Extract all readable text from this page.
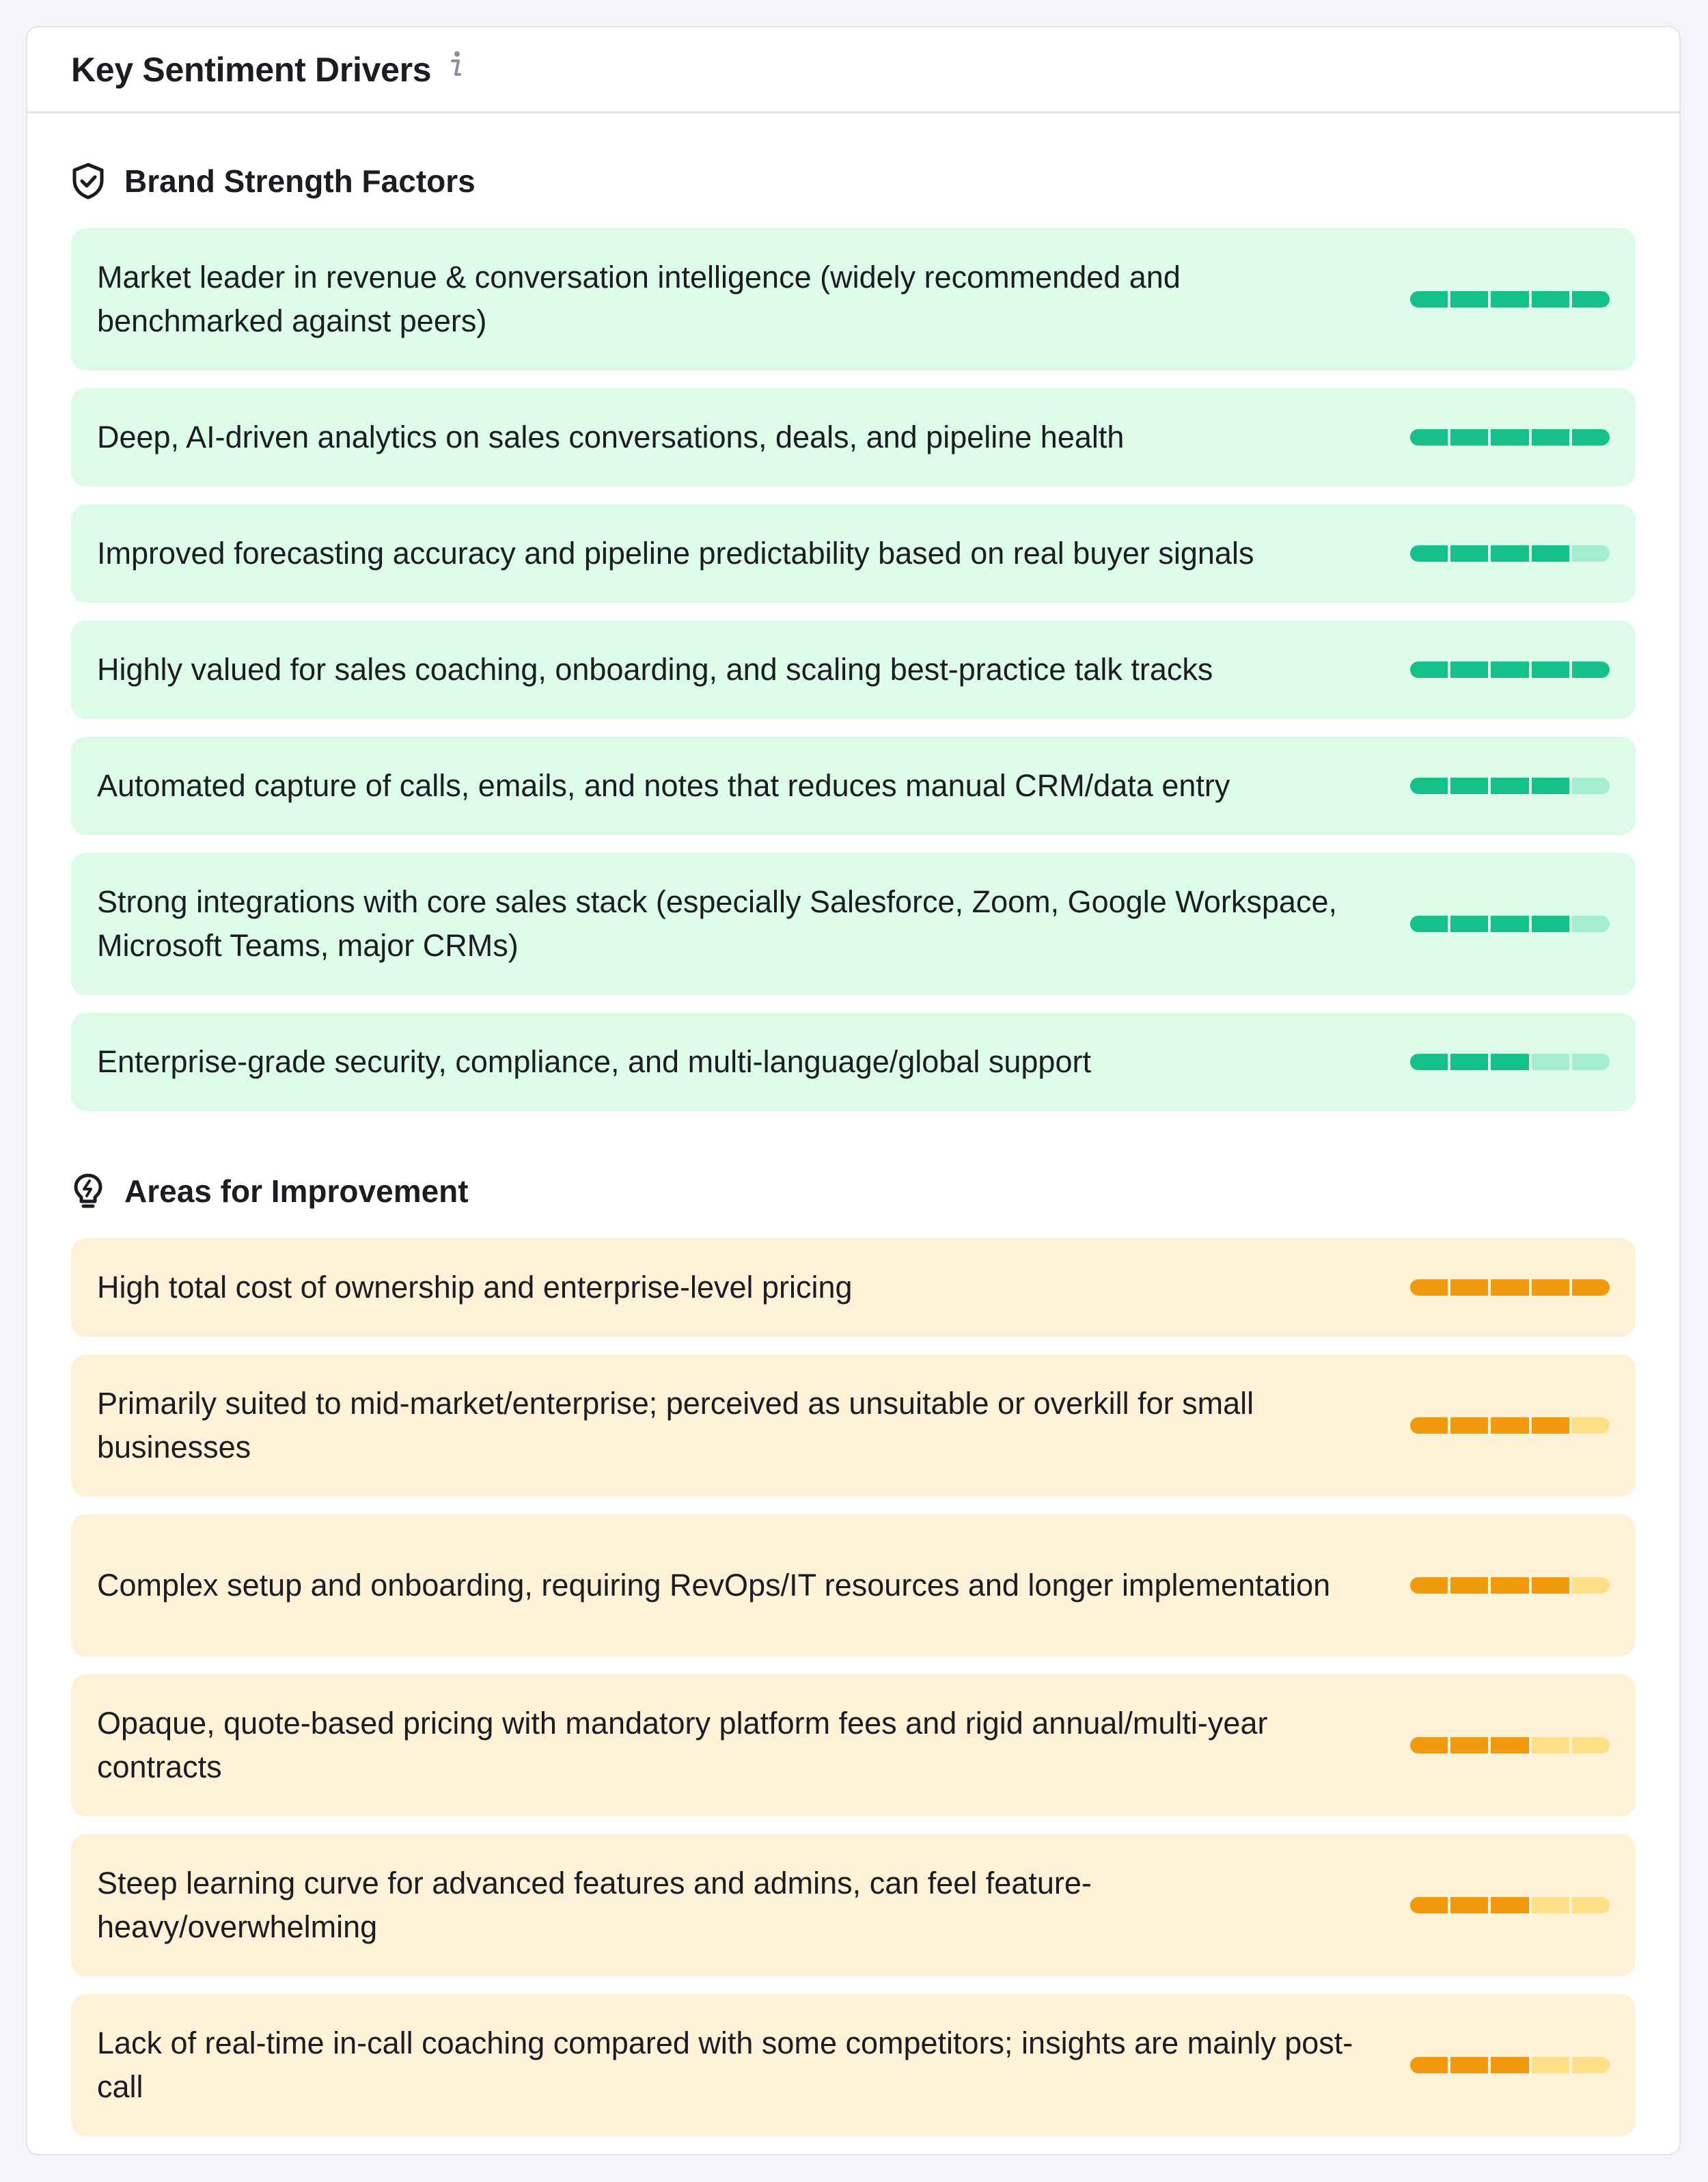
Key Sentiment Drivers
Brand Strength Factors
Market leader in revenue & conversation intelligence (widely recommended and benchmarked against peers)
Deep, AI-driven analytics on sales conversations, deals, and pipeline health
Improved forecasting accuracy and pipeline predictability based on real buyer signals
Highly valued for sales coaching, onboarding, and scaling best-practice talk tracks
Automated capture of calls, emails, and notes that reduces manual CRM/data entry
Strong integrations with core sales stack (especially Salesforce, Zoom, Google Workspace, Microsoft Teams, major CRMs)
Enterprise-grade security, compliance, and multi-language/global support
Areas for Improvement
High total cost of ownership and enterprise-level pricing
Primarily suited to mid-market/enterprise; perceived as unsuitable or overkill for small businesses
Complex setup and onboarding, requiring RevOps/IT resources and longer implementation
Opaque, quote-based pricing with mandatory platform fees and rigid annual/multi-year contracts
Steep learning curve for advanced features and admins, can feel feature-heavy/overwhelming
Lack of real-time in-call coaching compared with some competitors; insights are mainly post-call
